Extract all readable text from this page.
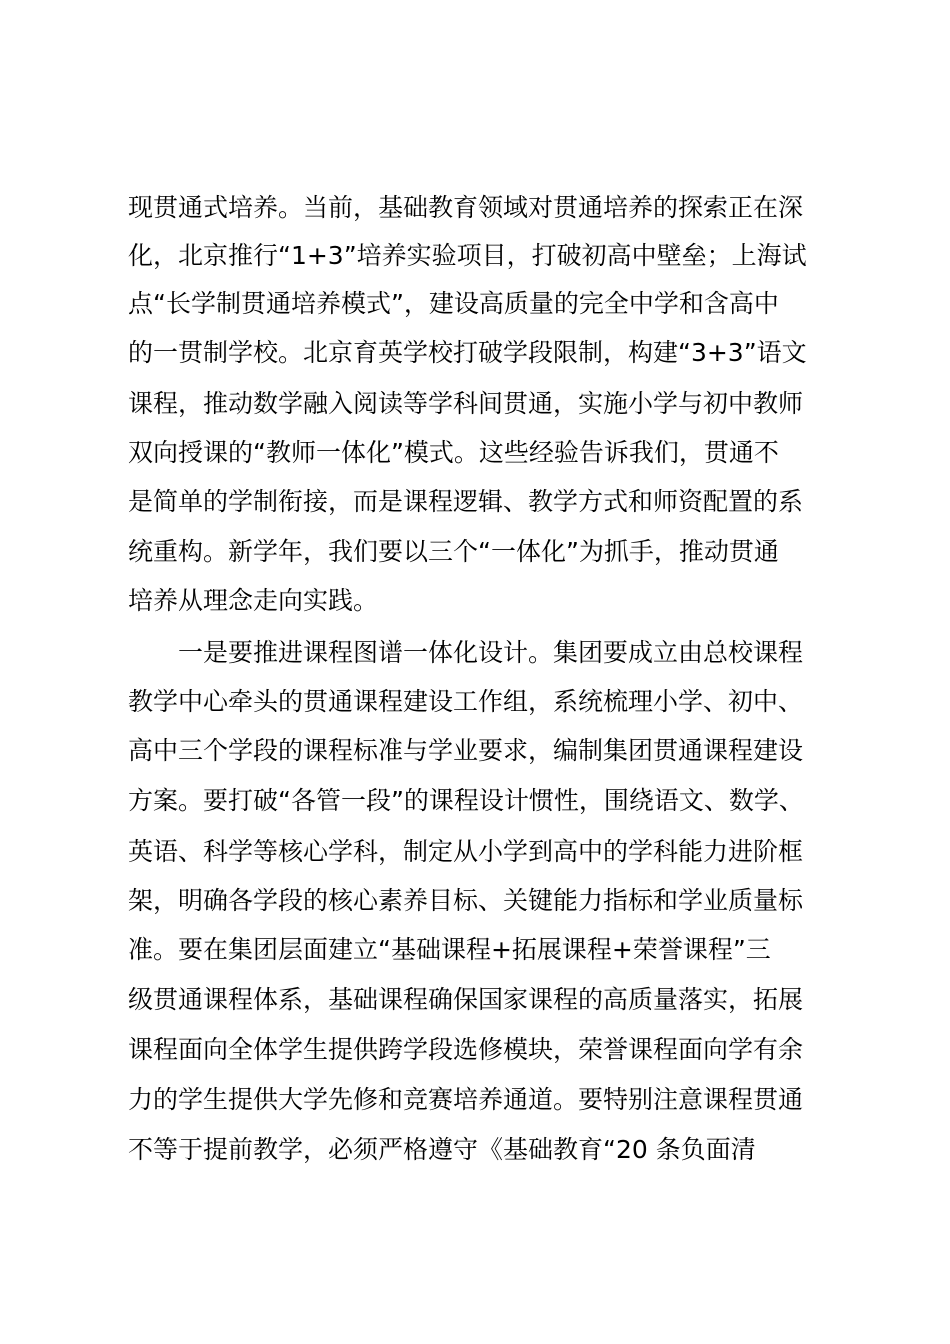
现贯通式培养。当前，基础教育领域对贯通培养的探索正在深
化，北京推行“1+3”培养实验项目，打破初高中壁垒；上海试
点“长学制贯通培养模式”，建设高质量的完全中学和含高中
的一贯制学校。北京育英学校打破学段限制，构建“3+3”语文
课程，推动数学融入阅读等学科间贯通，实施小学与初中教师
双向授课的“教师一体化”模式。这些经验告诉我们，贯通不
是简单的学制衔接，而是课程逻辑、教学方式和师资配置的系
统重构。新学年，我们要以三个“一体化”为抓手，推动贯通
培养从理念走向实践。
一是要推进课程图谱一体化设计。集团要成立由总校课程
教学中心牵头的贯通课程建设工作组，系统梳理小学、初中、
高中三个学段的课程标准与学业要求，编制集团贯通课程建设
方案。要打破“各管一段”的课程设计惯性，围绕语文、数学、
英语、科学等核心学科，制定从小学到高中的学科能力进阶框
架，明确各学段的核心素养目标、关键能力指标和学业质量标
准。要在集团层面建立“基础课程+拓展课程+荣誉课程”三
级贯通课程体系，基础课程确保国家课程的高质量落实，拓展
课程面向全体学生提供跨学段选修模块，荣誉课程面向学有余
力的学生提供大学先修和竞赛培养通道。要特别注意课程贯通
不等于提前教学，必须严格遵守《基础教育“20 条负面清
